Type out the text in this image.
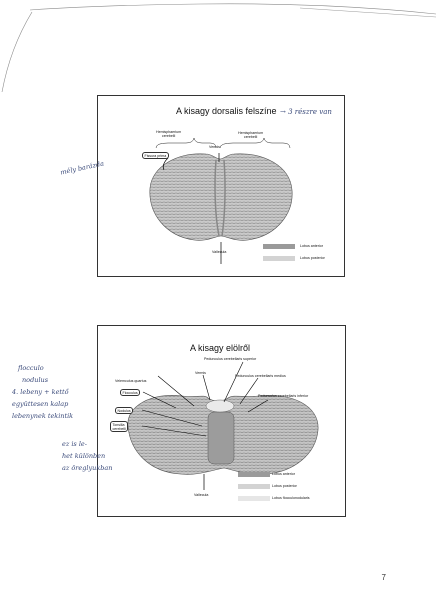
A kisagy dorsalis felszíne → 3 részre van
Hemisphaerium
cerebelli
Hemisphaerium
cerebelli
Vermis
Fissura prima
Vallecula
Lobus anterior
Lobus posterior
mély barázda
A kisagy elölről
Pedunculus cerebellaris superior
Vermis
Pedunculus cerebellaris medius
Velemculus quartus
Pedunculus cerebellaris inferior
Flocculus
Nodulus
Tonsilla
cerebelli
Vallecula
Lobus anterior
Lobus posterior
Lobus flocculonodularis
flocculo
nodulus
4. lebeny + kettő
együttesen kalap
lebenynek tekintik
ez is le-
het különben
az öreglyukban
7
